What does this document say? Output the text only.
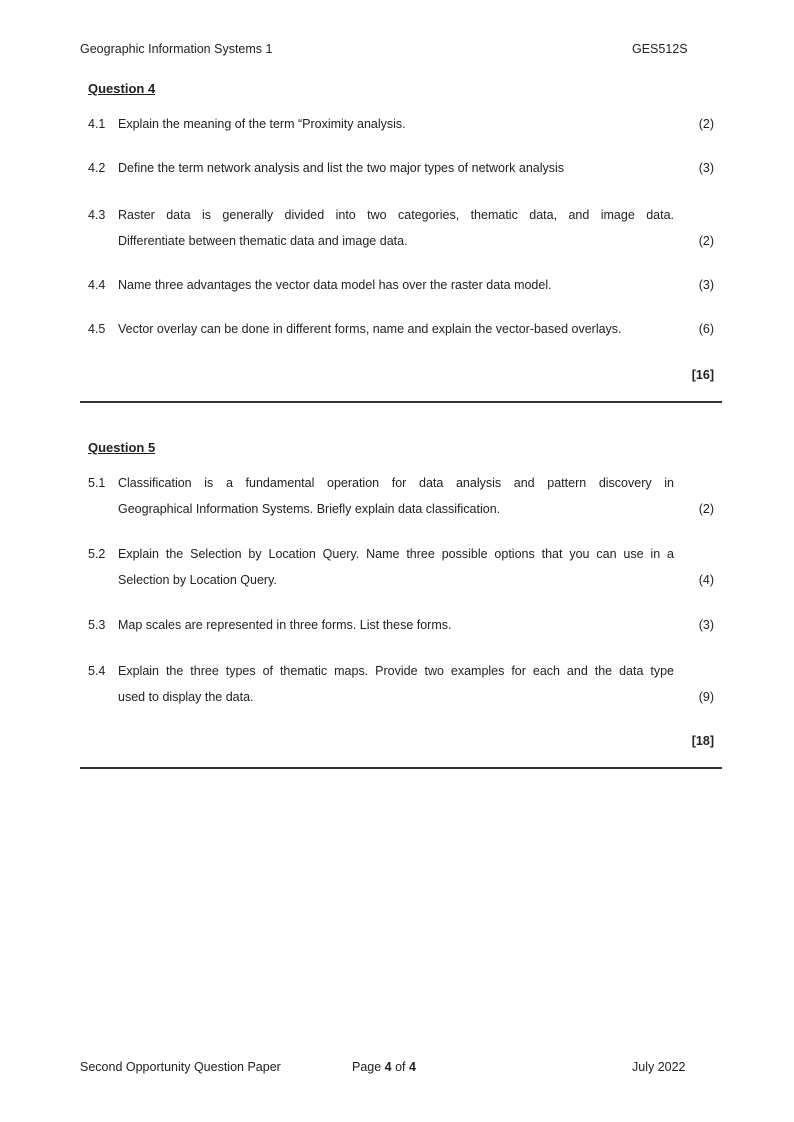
Geographic Information Systems 1	GES512S
Question 4
4.1 Explain the meaning of the term “Proximity analysis.	(2)
4.2 Define the term network analysis and list the two major types of network analysis	(3)
4.3 Raster data is generally divided into two categories, thematic data, and image data.
Differentiate between thematic data and image data.	(2)
4.4 Name three advantages the vector data model has over the raster data model.	(3)
4.5 Vector overlay can be done in different forms, name and explain the vector-based overlays.	(6)
[16]
Question 5
5.1 Classification is a fundamental operation for data analysis and pattern discovery in
Geographical Information Systems. Briefly explain data classification.	(2)
5.2 Explain the Selection by Location Query. Name three possible options that you can use in a
Selection by Location Query.	(4)
5.3 Map scales are represented in three forms. List these forms.	(3)
5.4 Explain the three types of thematic maps. Provide two examples for each and the data type
used to display the data.	(9)
[18]
Second Opportunity Question Paper	Page 4 of 4	July 2022
